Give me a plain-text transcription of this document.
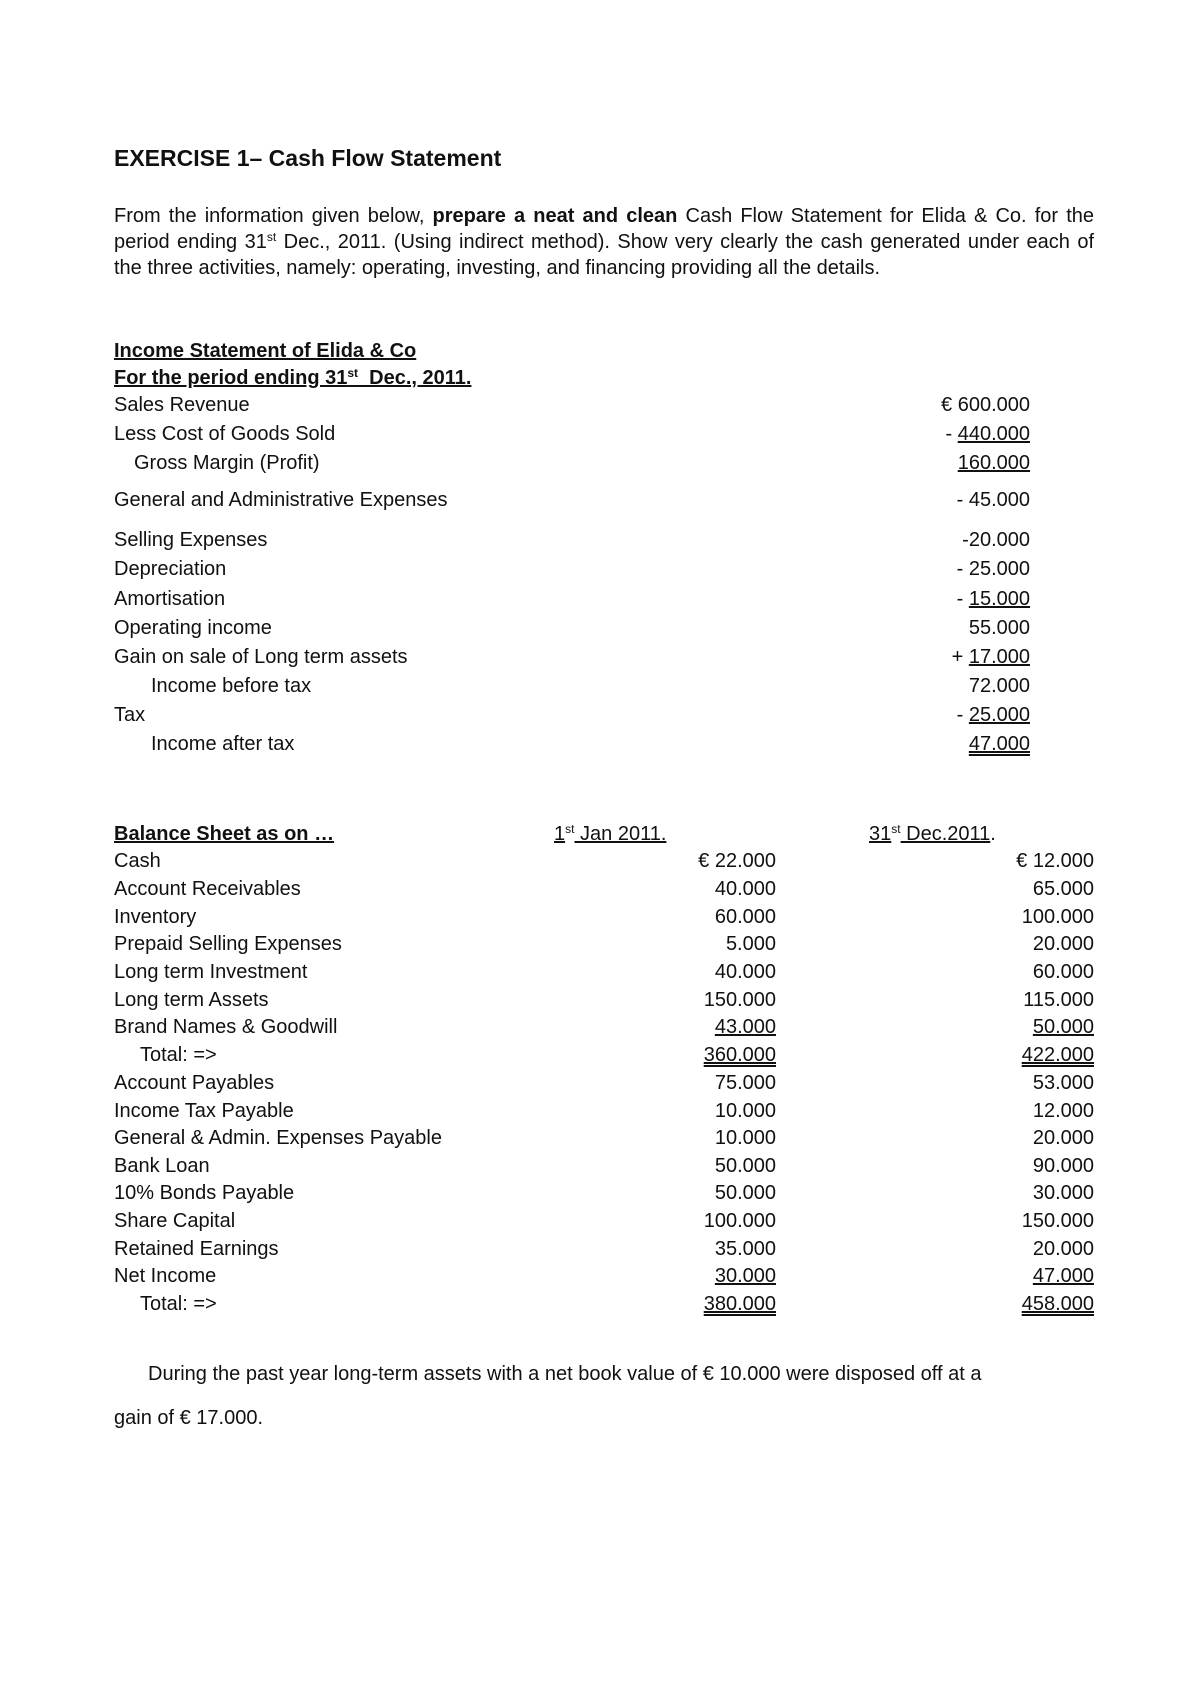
EXERCISE 1– Cash Flow Statement
From the information given below, prepare a neat and clean Cash Flow Statement for Elida & Co. for the period ending 31st Dec., 2011. (Using indirect method). Show very clearly the cash generated under each of the three activities, namely: operating, investing, and financing providing all the details.
Income Statement of Elida & Co
For the period ending 31st  Dec., 2011.
Sales Revenue	€ 600.000
Less Cost of Goods Sold	- 440.000
Gross Margin (Profit)	160.000
General and Administrative Expenses	- 45.000
Selling Expenses	-20.000
Depreciation	- 25.000
Amortisation	- 15.000
Operating income	55.000
Gain on sale of Long term assets	+ 17.000
Income before tax	72.000
Tax	- 25.000
Income after tax	47.000
Balance Sheet as on …	1st Jan 2011.	31st Dec.2011.
Cash	€ 22.000	€ 12.000
Account Receivables	40.000	65.000
Inventory	60.000	100.000
Prepaid Selling Expenses	5.000	20.000
Long term Investment	40.000	60.000
Long term Assets	150.000	115.000
Brand Names & Goodwill	43.000	50.000
Total: =>	360.000	422.000
Account Payables	75.000	53.000
Income Tax Payable	10.000	12.000
General & Admin. Expenses Payable	10.000	20.000
Bank Loan	50.000	90.000
10% Bonds Payable	50.000	30.000
Share Capital	100.000	150.000
Retained Earnings	35.000	20.000
Net Income	30.000	47.000
Total: =>	380.000	458.000
During the past year long-term assets with a net book value of € 10.000 were disposed off at a
gain of € 17.000.
